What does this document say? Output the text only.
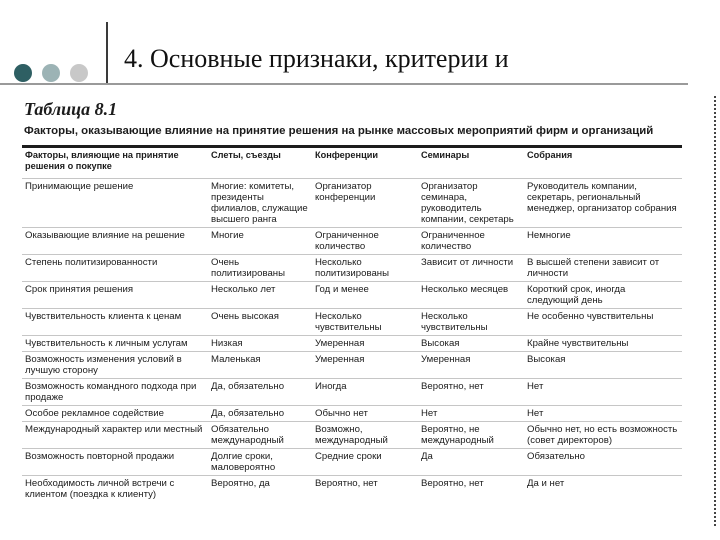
4. Основные признаки, критерии и
Таблица 8.1
Факторы, оказывающие влияние на принятие решения на рынке массовых мероприятий фирм и организаций
Факторы, влияющие на принятие решения о покупке	Слеты, съезды	Конференции	Семинары	Собрания
Принимающие решение	Многие: комитеты, президенты филиалов, служащие высшего ранга	Организатор конференции	Организатор семинара, руководитель компании, секретарь	Руководитель компании, секретарь, региональный менеджер, организатор собрания
Оказывающие влияние на решение	Многие	Ограниченное количество	Ограниченное количество	Немногие
Степень политизированности	Очень политизированы	Несколько политизированы	Зависит от личности	В высшей степени зависит от личности
Срок принятия решения	Несколько лет	Год и менее	Несколько месяцев	Короткий срок, иногда следующий день
Чувствительность клиента к ценам	Очень высокая	Несколько чувствительны	Несколько чувствительны	Не особенно чувствительны
Чувствительность к личным услугам	Низкая	Умеренная	Высокая	Крайне чувствительны
Возможность изменения условий в лучшую сторону	Маленькая	Умеренная	Умеренная	Высокая
Возможность командного подхода при продаже	Да, обязательно	Иногда	Вероятно, нет	Нет
Особое рекламное содействие	Да, обязательно	Обычно нет	Нет	Нет
Международный характер или местный	Обязательно международный	Возможно, международный	Вероятно, не международный	Обычно нет, но есть возможность (совет директоров)
Возможность повторной продажи	Долгие сроки, маловероятно	Средние сроки	Да	Обязательно
Необходимость личной встречи с клиентом (поездка к клиенту)	Вероятно, да	Вероятно, нет	Вероятно, нет	Да и нет
